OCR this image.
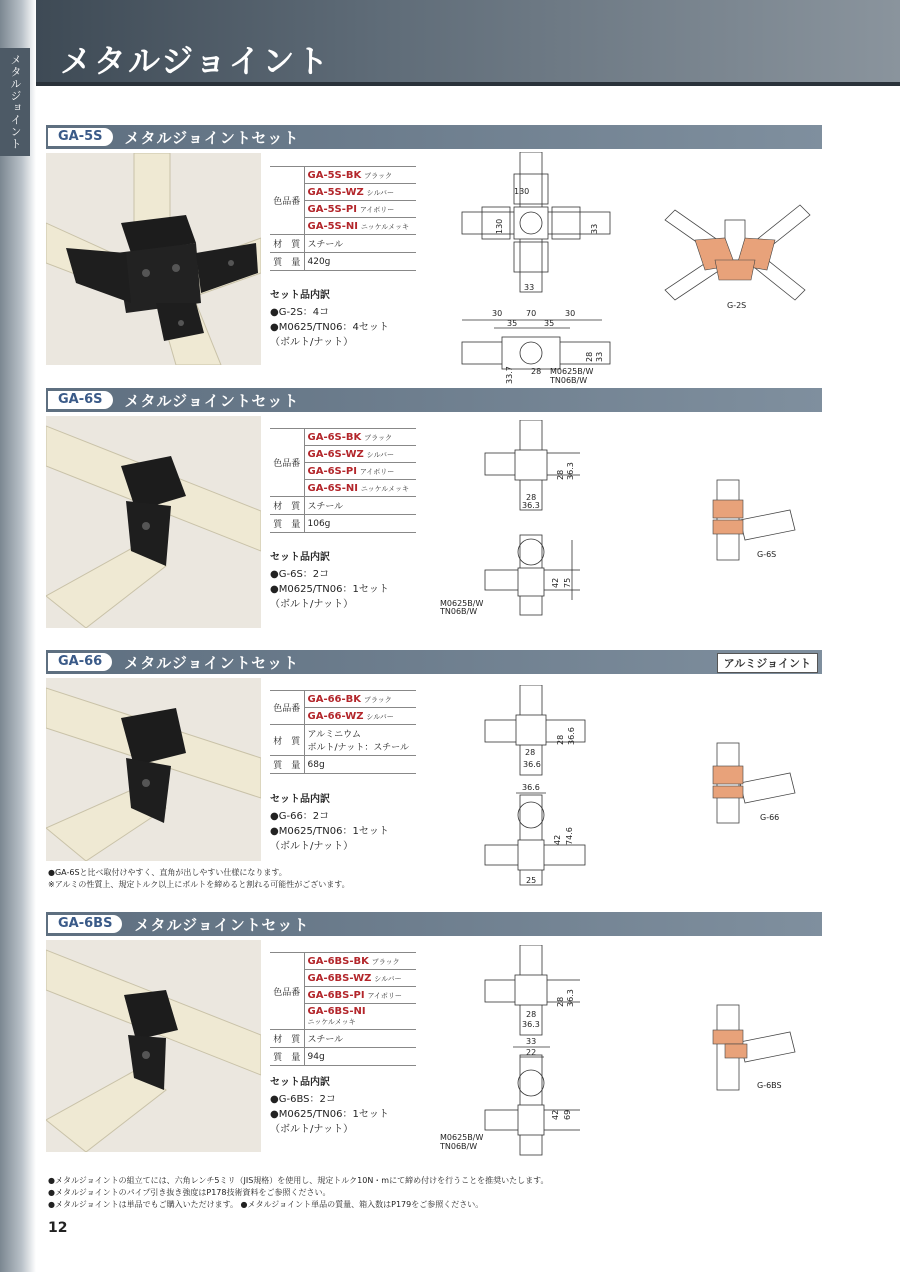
メタルジョイント メタルジョイント
GA-5S	メタルジョイントセット
色品番	GA-5S-BK ブラック
	GA-5S-WZ シルバー
	GA-5S-PI アイボリー
	GA-5S-NI ニッケルメッキ
材　質	スチール
質　量	420g
セット品内訳
●G-2S：4コ
●M0625/TN06：4セット
（ボルト/ナット）
130
130	33
33
30	70	30
35	35
28
28
33.7
33
M0625B/W
TN06B/W
G-2S
GA-6S	メタルジョイントセット
色品番	GA-6S-BK ブラック
	GA-6S-WZ シルバー
	GA-6S-PI アイボリー
	GA-6S-NI ニッケルメッキ
材　質	スチール
質　量	106g
セット品内訳
●G-6S：2コ
●M0625/TN06：1セット
（ボルト/ナット）
28 36.3
28
36.3
42 75
M0625B/W
TN06B/W
G-6S
GA-66	メタルジョイントセット	アルミジョイント
色品番	GA-66-BK ブラック
	GA-66-WZ シルバー
材　質	アルミニウム
ボルト/ナット：スチール

質　量	68g
セット品内訳
●G-66：2コ
●M0625/TN06：1セット
（ボルト/ナット）
28 36.6
28
36.6
36.6
42 74.6
25
G-66
●GA-6Sと比べ取付けやすく、直角が出しやすい仕様になります。
※アルミの性質上、規定トルク以上にボルトを締めると割れる可能性がございます。
GA-6BS	メタルジョイントセット
色品番	GA-6BS-BK ブラック
	GA-6BS-WZ シルバー
	GA-6BS-PI アイボリー
	GA-6BS-NI ニッケルメッキ
材　質	スチール
質　量	94g
セット品内訳
●G-6BS：2コ
●M0625/TN06：1セット
（ボルト/ナット）
28 36.3
28
36.3
33
22
42 69
M0625B/W
TN06B/W
G-6BS
●メタルジョイントの組立てには、六角レンチ5ミリ（JIS規格）を使用し、規定トルク10N・mにて締め付けを行うことを推奨いたします。
●メタルジョイントのパイプ引き抜き強度はP178技術資料をご参照ください。
●メタルジョイントは単品でもご購入いただけます。 ●メタルジョイント単品の質量、箱入数はP179をご参照ください。
12
